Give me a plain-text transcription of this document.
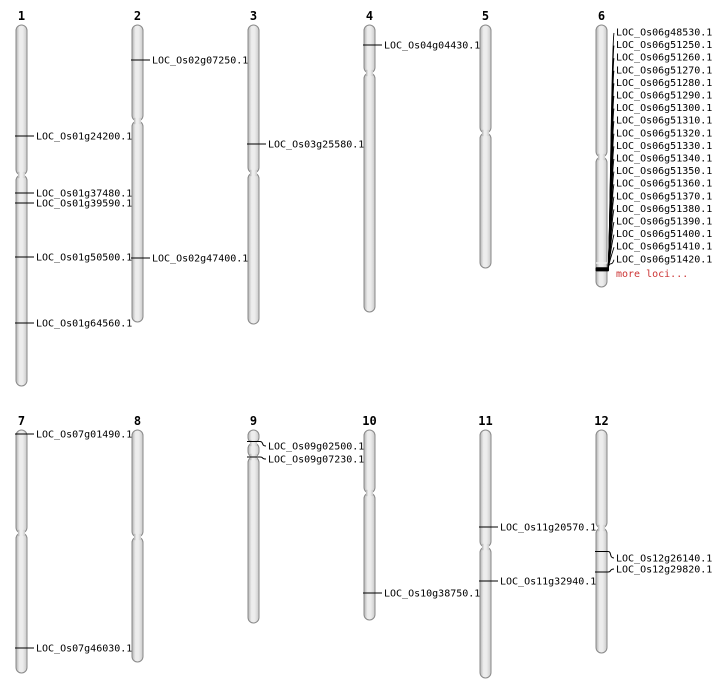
1
LOC_Os01g24200.1
LOC_Os01g37480.1
LOC_Os01g39590.1
LOC_Os01g50500.1
LOC_Os01g64560.1
2
LOC_Os02g07250.1
LOC_Os02g47400.1
3
LOC_Os03g25580.1
4
LOC_Os04g04430.1
5	6
LOC_Os06g48530.1
LOC_Os06g51250.1
LOC_Os06g51260.1
LOC_Os06g51270.1
LOC_Os06g51280.1
LOC_Os06g51290.1
LOC_Os06g51300.1
LOC_Os06g51310.1
LOC_Os06g51320.1
LOC_Os06g51330.1
LOC_Os06g51340.1
LOC_Os06g51350.1
LOC_Os06g51360.1
LOC_Os06g51370.1
LOC_Os06g51380.1
LOC_Os06g51390.1
LOC_Os06g51400.1
LOC_Os06g51410.1
LOC_Os06g51420.1
more loci...
7
LOC_Os07g01490.1
LOC_Os07g46030.1
8	9
LOC_Os09g02500.1
LOC_Os09g07230.1
10
LOC_Os10g38750.1
11
LOC_Os11g20570.1
LOC_Os11g32940.1
12
LOC_Os12g26140.1
LOC_Os12g29820.1
